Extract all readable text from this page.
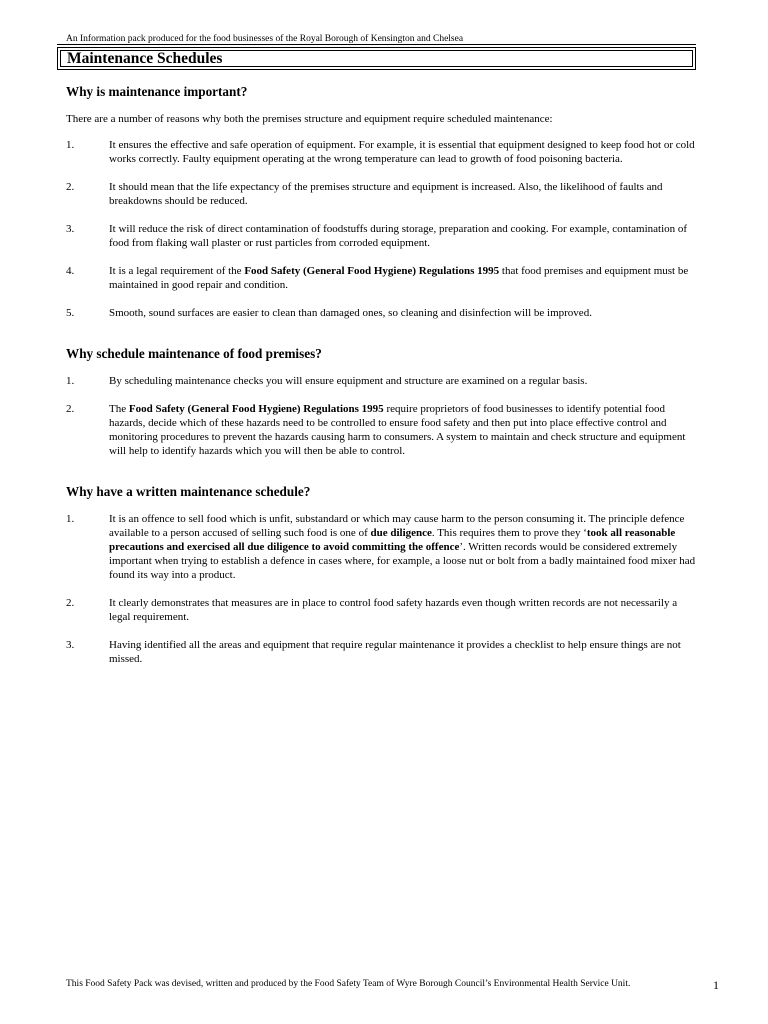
An Information pack produced for the food businesses of the Royal Borough of Kensington and Chelsea
Maintenance Schedules
Why is maintenance important?

There are a number of reasons why both the premises structure and equipment require scheduled maintenance:

1.	It ensures the effective and safe operation of equipment. For example, it is essential that equipment designed to keep food hot or cold works correctly. Faulty equipment operating at the wrong temperature can lead to growth of food poisoning bacteria.
2.	It should mean that the life expectancy of the premises structure and equipment is increased. Also, the likelihood of faults and breakdowns should be reduced.
3.	It will reduce the risk of direct contamination of foodstuffs during storage, preparation and cooking. For example, contamination of food from flaking wall plaster or rust particles from corroded equipment.
4.	It is a legal requirement of the Food Safety (General Food Hygiene) Regulations 1995 that food premises and equipment must be maintained in good repair and condition.
5.	Smooth, sound surfaces are easier to clean than damaged ones, so cleaning and disinfection will be improved.
Why schedule maintenance of food premises?
1.	By scheduling maintenance checks you will ensure equipment and structure are examined on a regular basis.
2.	The Food Safety (General Food Hygiene) Regulations 1995 require proprietors of food businesses to identify potential food hazards, decide which of these hazards need to be controlled to ensure food safety and then put into place effective control and monitoring procedures to prevent the hazards causing harm to consumers. A system to maintain and check structure and equipment will help to identify hazards which you will then be able to control.
Why have a written maintenance schedule?
1.	It is an offence to sell food which is unfit, substandard or which may cause harm to the person consuming it. The principle defence available to a person accused of selling such food is one of due diligence. This requires them to prove they ‘took all reasonable precautions and exercised all due diligence to avoid committing the offence’. Written records would be considered extremely important when trying to establish a defence in cases where, for example, a loose nut or bolt from a badly maintained food mixer had found its way into a product.
2.	It clearly demonstrates that measures are in place to control food safety hazards even though written records are not necessarily a legal requirement.
3.	Having identified all the areas and equipment that require regular maintenance it provides a checklist to help ensure things are not missed.
This Food Safety Pack was devised, written and produced by the Food Safety Team of Wyre Borough Council’s Environmental Health Service Unit.	1
